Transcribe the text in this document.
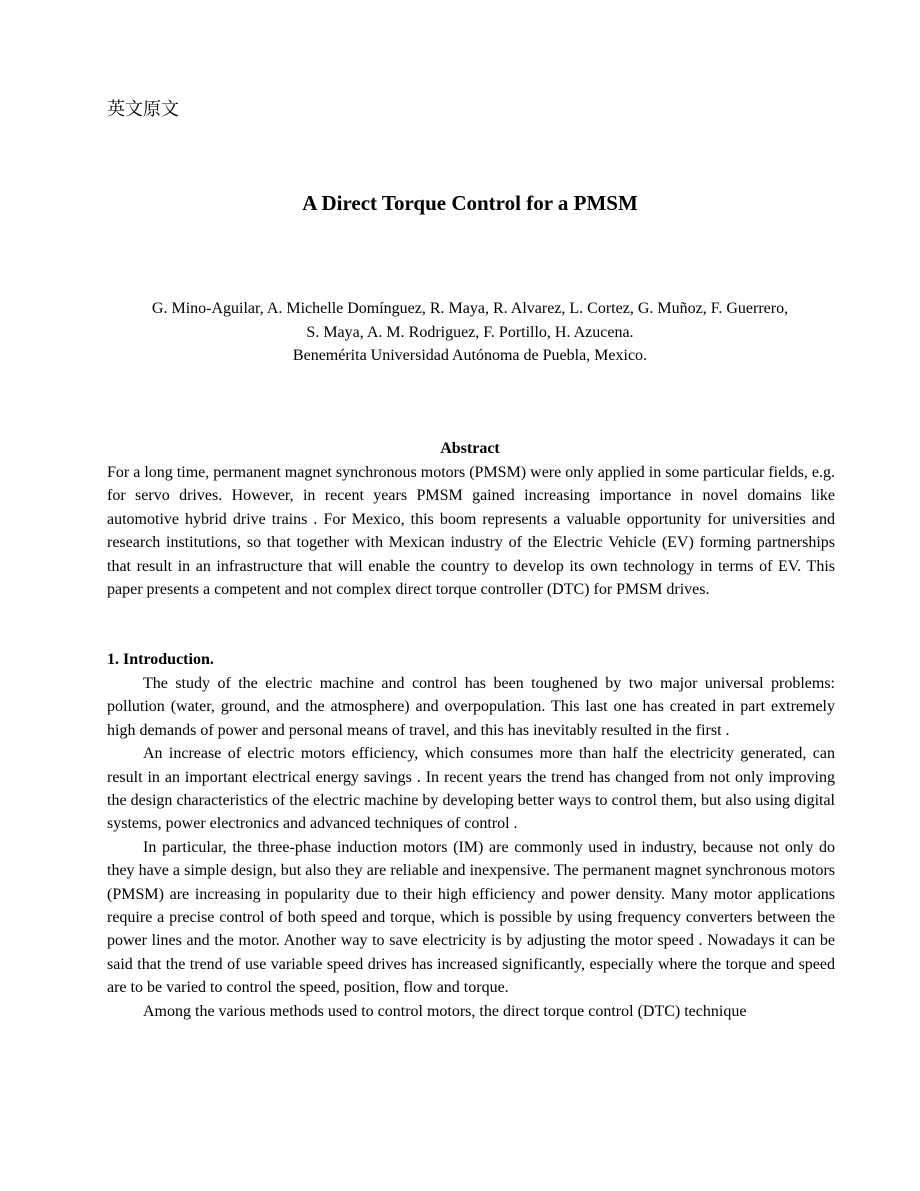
英文原文
A Direct Torque Control for a PMSM
G. Mino-Aguilar, A. Michelle Domínguez, R. Maya, R. Alvarez, L. Cortez, G. Muñoz, F. Guerrero,
S. Maya, A. M. Rodriguez, F. Portillo, H. Azucena.
Benemérita Universidad Autónoma de Puebla, Mexico.
Abstract

For a long time, permanent magnet synchronous motors (PMSM) were only applied in some particular fields, e.g. for servo drives. However, in recent years PMSM gained increasing importance in novel domains like automotive hybrid drive trains . For Mexico, this boom represents a valuable opportunity for universities and research institutions, so that together with Mexican industry of the Electric Vehicle (EV) forming partnerships that result in an infrastructure that will enable the country to develop its own technology in terms of EV. This paper presents a competent and not complex direct torque controller (DTC) for PMSM drives.

1. Introduction.

The study of the electric machine and control has been toughened by two major universal problems: pollution (water, ground, and the atmosphere) and overpopulation. This last one has created in part extremely high demands of power and personal means of travel, and this has inevitably resulted in the first .

An increase of electric motors efficiency, which consumes more than half the electricity generated, can result in an important electrical energy savings . In recent years the trend has changed from not only improving the design characteristics of the electric machine by developing better ways to control them, but also using digital systems, power electronics and advanced techniques of control .

In particular, the three-phase induction motors (IM) are commonly used in industry, because not only do they have a simple design, but also they are reliable and inexpensive. The permanent magnet synchronous motors (PMSM) are increasing in popularity due to their high efficiency and power density. Many motor applications require a precise control of both speed and torque, which is possible by using frequency converters between the power lines and the motor. Another way to save electricity is by adjusting the motor speed . Nowadays it can be said that the trend of use variable speed drives has increased significantly, especially where the torque and speed are to be varied to control the speed, position, flow and torque.

Among the various methods used to control motors, the direct torque control (DTC) technique
